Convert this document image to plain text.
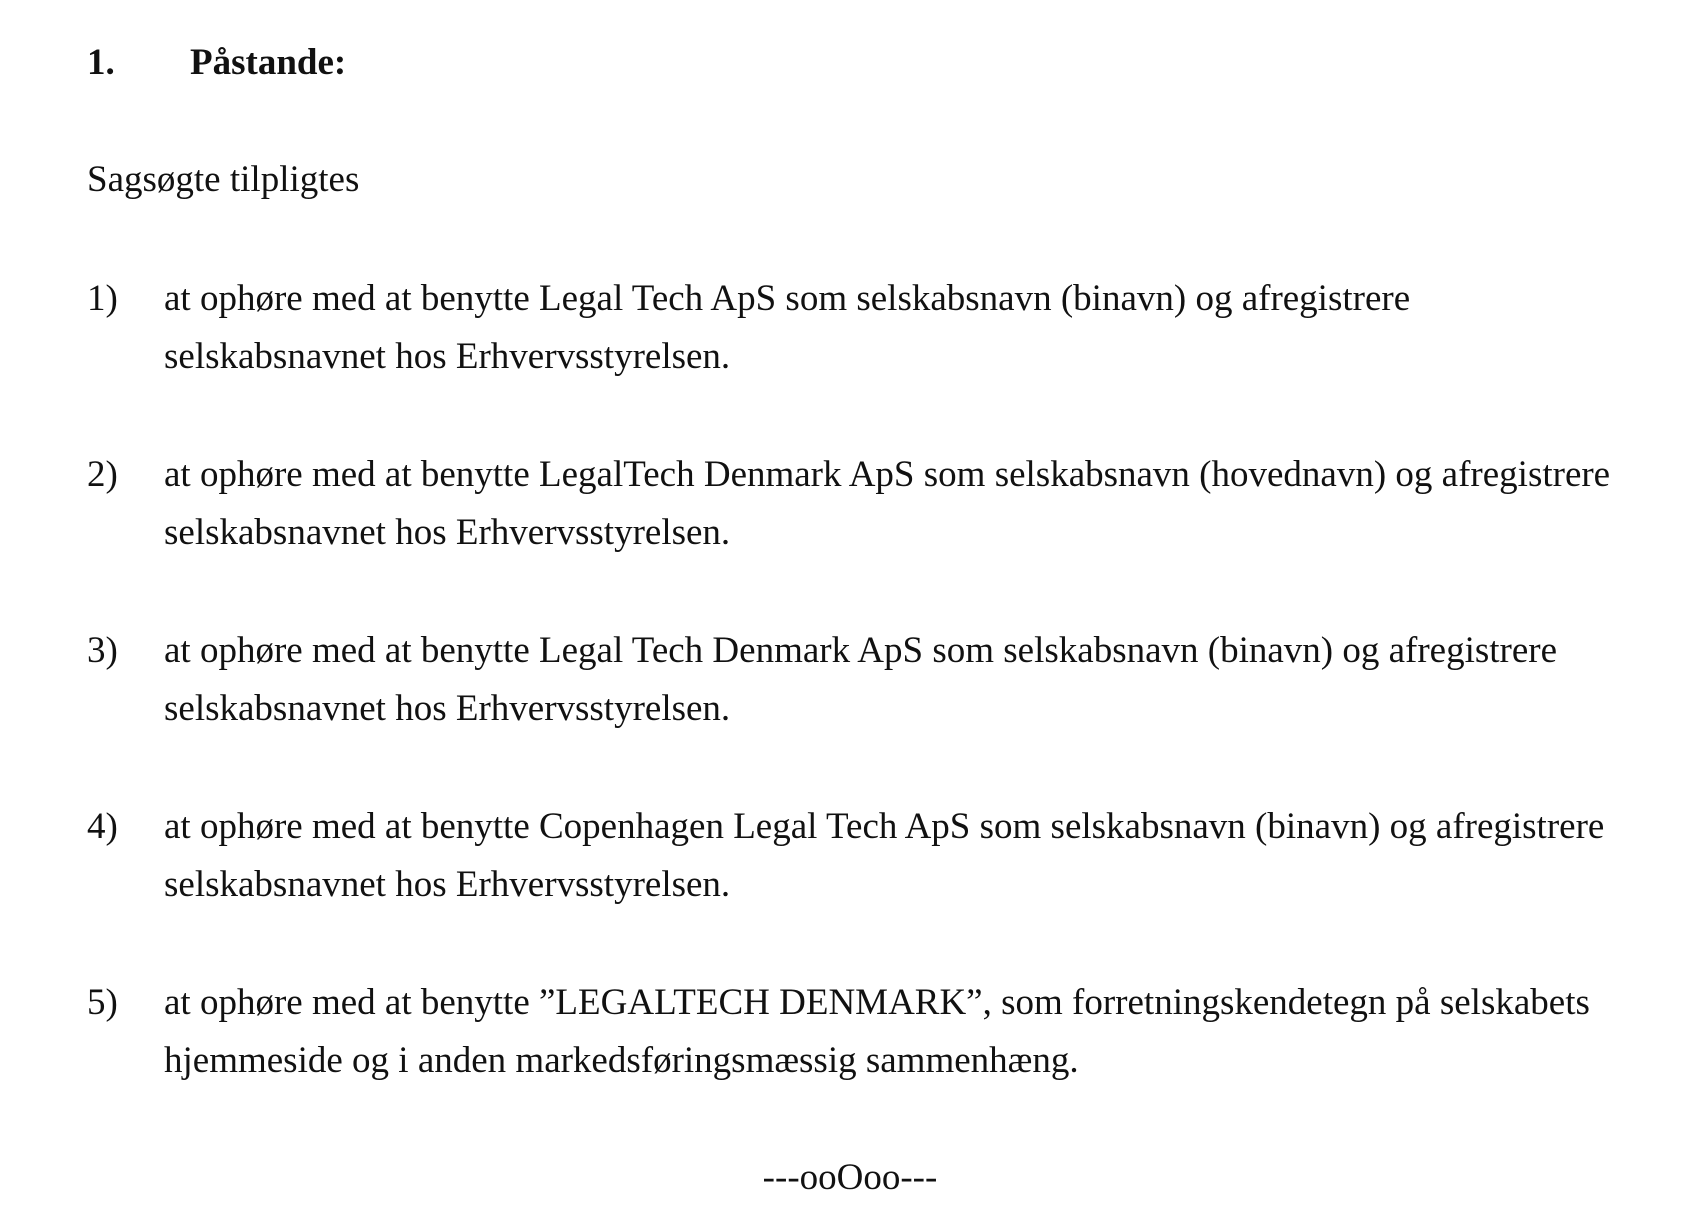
1. Påstande:
Sagsøgte tilpligtes
1)	at ophøre med at benytte Legal Tech ApS som selskabsnavn (binavn) og afregistrere selskabsnavnet hos Erhvervsstyrelsen.
2)	at ophøre med at benytte LegalTech Denmark ApS som selskabsnavn (hovednavn) og afregistrere selskabsnavnet hos Erhvervsstyrelsen.
3)	at ophøre med at benytte Legal Tech Denmark ApS som selskabsnavn (binavn) og afregistrere selskabsnavnet hos Erhvervsstyrelsen.
4)	at ophøre med at benytte Copenhagen Legal Tech ApS som selskabsnavn (binavn) og afregistrere selskabsnavnet hos Erhvervsstyrelsen.
5)	at ophøre med at benytte ”LEGALTECH DENMARK”, som forretningskendetegn på selskabets hjemmeside og i anden markedsføringsmæssig sammenhæng.
---ooOoo---
